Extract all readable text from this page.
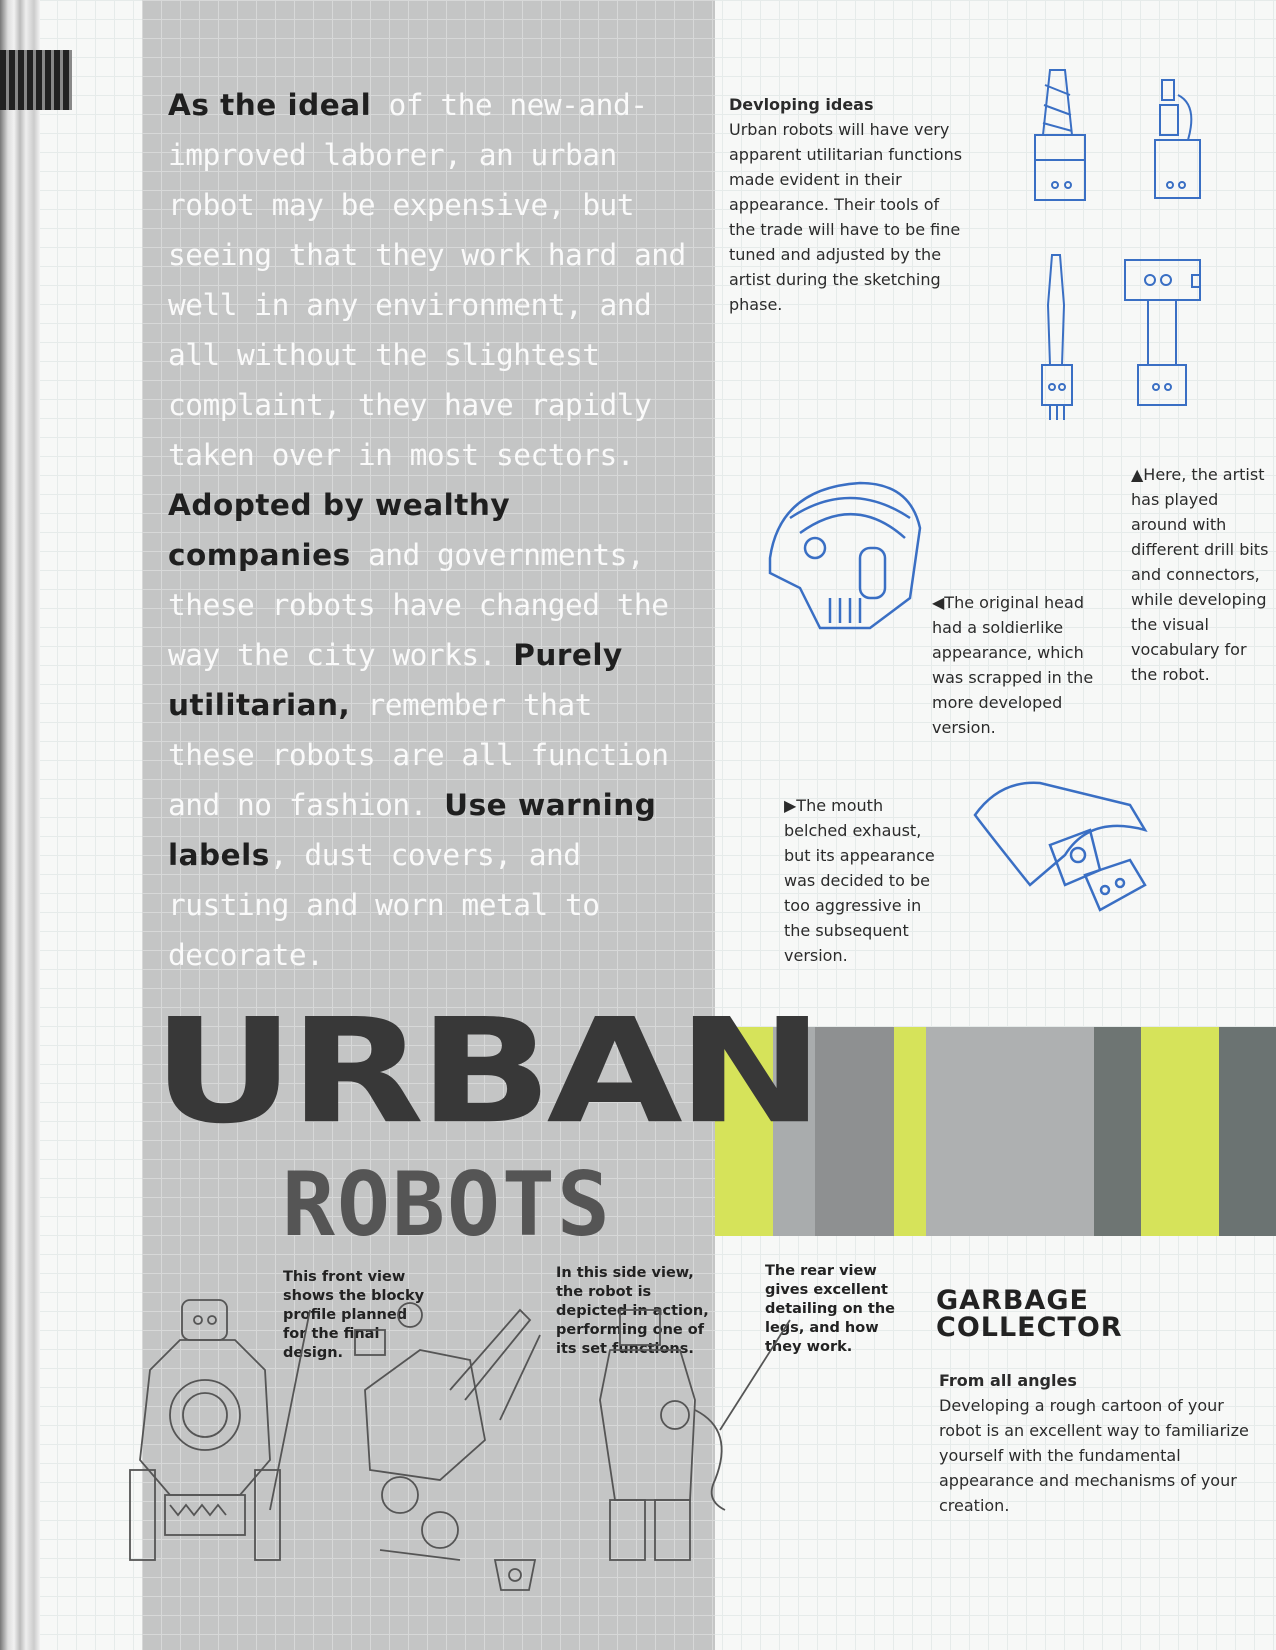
As the ideal of the new-and-improved laborer, an urban robot may be expensive, but seeing that they work hard and well in any environment, and all without the slightest complaint, they have rapidly taken over in most sectors. Adopted by wealthy companies and governments, these robots have changed the way the city works. Purely utilitarian, remember that these robots are all function and no fashion. Use warning labels, dust covers, and rusting and worn metal to decorate.
Devloping ideas
Urban robots will have very apparent utilitarian functions made evident in their appearance. Their tools of the trade will have to be fine tuned and adjusted by the artist during the sketching phase.
▲Here, the artist has played around with different drill bits and connectors, while developing the visual vocabulary for the robot.
◀The original head had a soldierlike appearance, which was scrapped in the more developed version.
▶The mouth belched exhaust, but its appearance was decided to be too aggressive in the subsequent version.
URBAN
ROBOTS
This front view shows the blocky profile planned for the final design.
In this side view, the robot is depicted in action, performing one of its set functions.
The rear view gives excellent detailing on the legs, and how they work.
GARBAGE
COLLECTOR
From all angles
Developing a rough cartoon of your robot is an excellent way to familiarize yourself with the fundamental appearance and mechanisms of your creation.
